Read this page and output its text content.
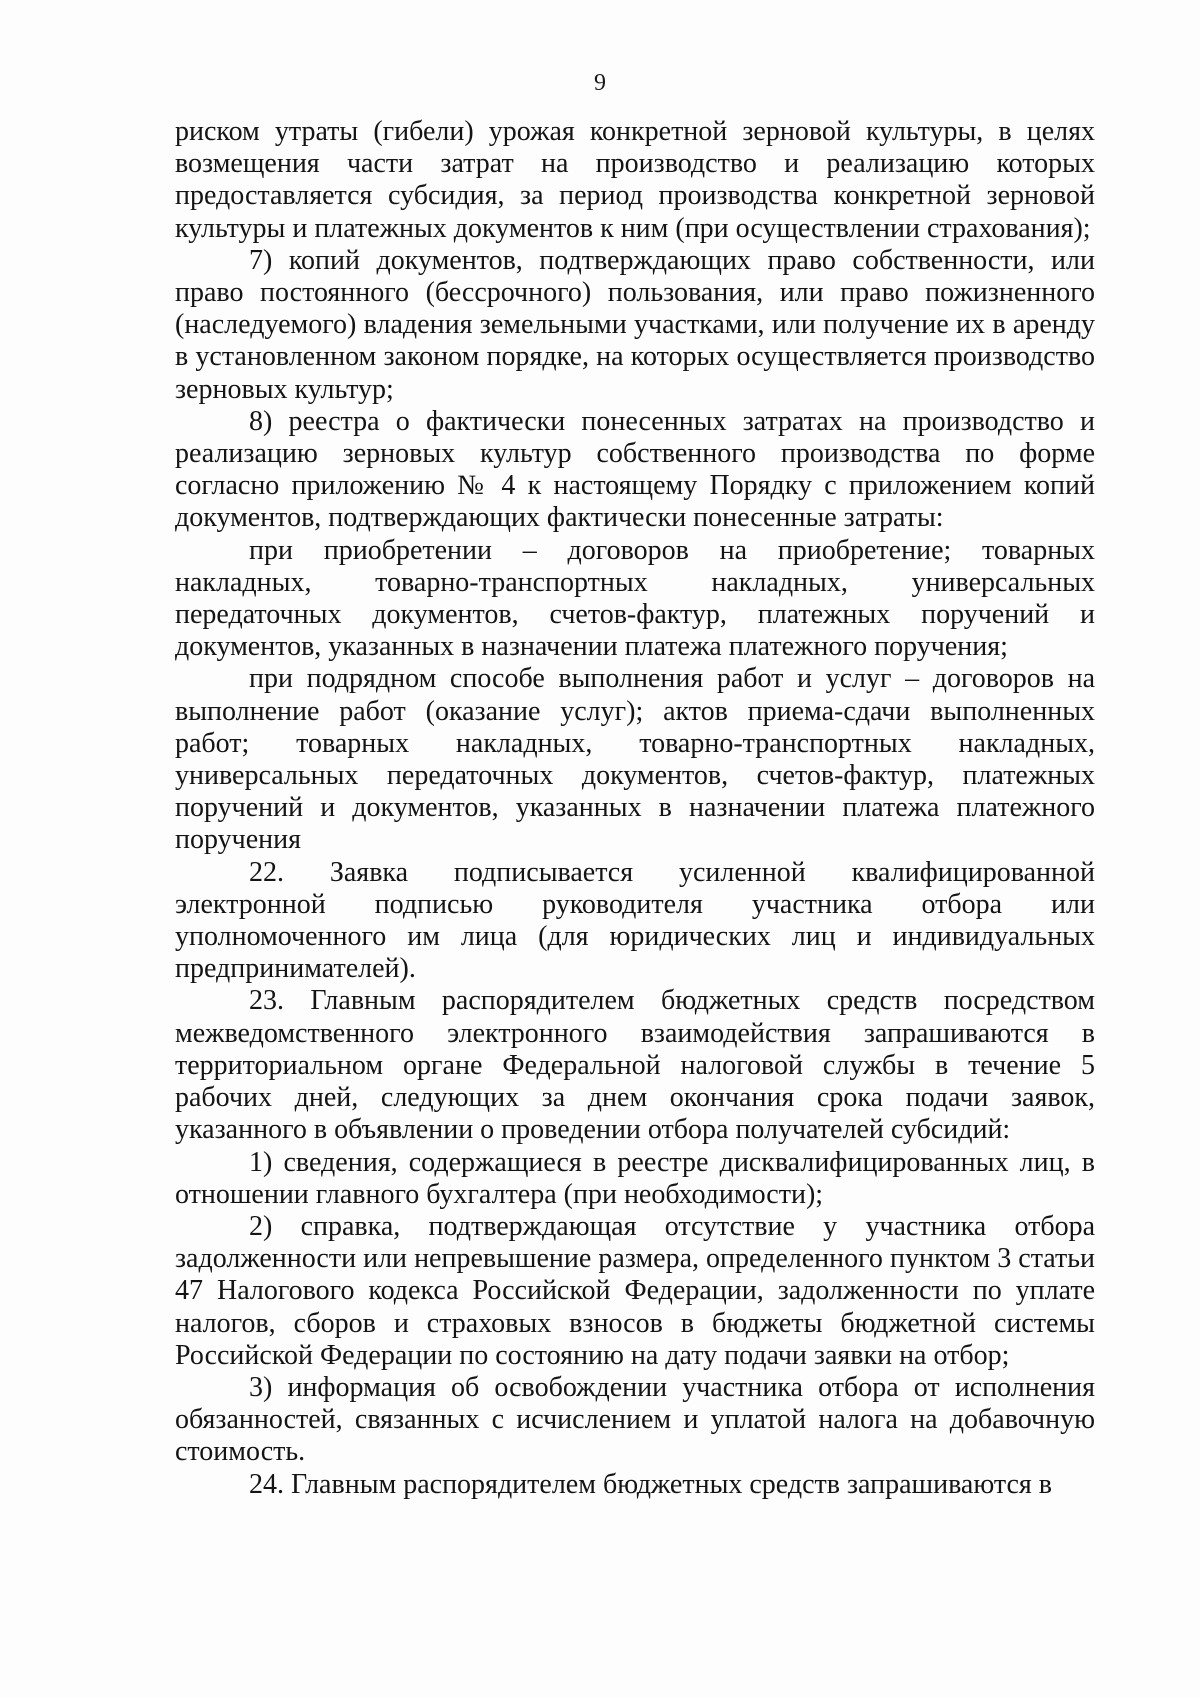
9

риском утраты (гибели) урожая конкретной зерновой культуры, в целях возмещения части затрат на производство и реализацию которых предоставляется субсидия, за период производства конкретной зерновой культуры и платежных документов к ним (при осуществлении страхования);

7) копий документов, подтверждающих право собственности, или право постоянного (бессрочного) пользования, или право пожизненного (наследуемого) владения земельными участками, или получение их в аренду в установленном законом порядке, на которых осуществляется производство зерновых культур;

8) реестра о фактически понесенных затратах на производство и реализацию зерновых культур собственного производства по форме согласно приложению № 4 к настоящему Порядку с приложением копий документов, подтверждающих фактически понесенные затраты:

при приобретении – договоров на приобретение; товарных накладных, товарно-транспортных накладных, универсальных передаточных документов, счетов-фактур, платежных поручений и документов, указанных в назначении платежа платежного поручения;

при подрядном способе выполнения работ и услуг – договоров на выполнение работ (оказание услуг); актов приема-сдачи выполненных работ; товарных накладных, товарно-транспортных накладных, универсальных передаточных документов, счетов-фактур, платежных поручений и документов, указанных в назначении платежа платежного поручения

22. Заявка подписывается усиленной квалифицированной электронной подписью руководителя участника отбора или уполномоченного им лица (для юридических лиц и индивидуальных предпринимателей).

23. Главным распорядителем бюджетных средств посредством межведомственного электронного взаимодействия запрашиваются в территориальном органе Федеральной налоговой службы в течение 5 рабочих дней, следующих за днем окончания срока подачи заявок, указанного в объявлении о проведении отбора получателей субсидий:

1) сведения, содержащиеся в реестре дисквалифицированных лиц, в отношении главного бухгалтера (при необходимости);

2) справка, подтверждающая отсутствие у участника отбора задолженности или непревышение размера, определенного пунктом 3 статьи 47 Налогового кодекса Российской Федерации, задолженности по уплате налогов, сборов и страховых взносов в бюджеты бюджетной системы Российской Федерации по состоянию на дату подачи заявки на отбор;

3) информация об освобождении участника отбора от исполнения обязанностей, связанных с исчислением и уплатой налога на добавочную стоимость.

24. Главным распорядителем бюджетных средств запрашиваются в
